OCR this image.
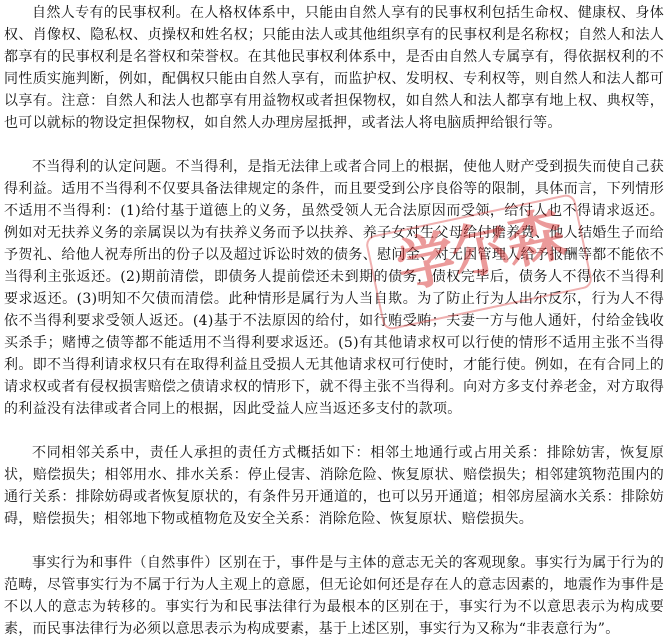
自然人专有的民事权利。在人格权体系中，只能由自然人享有的民事权利包括生命权、健康权、身体权、肖像权、隐私权、贞操权和姓名权；只能由法人或其他组织享有的民事权利是名称权；自然人和法人都享有的民事权利是名誉权和荣誉权。在其他民事权利体系中，是否由自然人专属享有，得依据权利的不同性质实施判断，例如，配偶权只能由自然人享有，而监护权、发明权、专利权等，则自然人和法人都可以享有。注意：自然人和法人也都享有用益物权或者担保物权，如自然人和法人都享有地上权、典权等，也可以就标的物设定担保物权，如自然人办理房屋抵押，或者法人将电脑质押给银行等。

不当得利的认定问题。不当得利，是指无法律上或者合同上的根据，使他人财产受到损失而使自己获得利益。适用不当得利不仅要具备法律规定的条件，而且要受到公序良俗等的限制，具体而言，下列情形不适用不当得利：(1)给付基于道德上的义务，虽然受领人无合法原因而受领，给付人也不得请求返还。例如对无扶养义务的亲属误以为有扶养义务而予以扶养、养子女对生父母给付赡养费、他人结婚生子而给予贺礼、给他人祝寿所出的份子以及超过诉讼时效的债务、慰问金、对无因管理人给予报酬等都不能依不当得利主张返还。(2)期前清偿，即债务人提前偿还未到期的债务，债权完毕后，债务人不得依不当得利要求返还。(3)明知不欠债而清偿。此种情形是属行为人当自欺。为了防止行为人出尔反尔，行为人不得依不当得利要求受领人返还。(4)基于不法原因的给付，如行贿受贿；夫妻一方与他人通奸，付给金钱收买杀手；赌博之债等都不能适用不当得利要求返还。(5)有其他请求权可以行使的情形不适用主张不当得利。即不当得利请求权只有在取得利益且受损人无其他请求权可行使时，才能行使。例如，在有合同上的请求权或者有侵权损害赔偿之债请求权的情形下，就不得主张不当得利。向对方多支付养老金，对方取得的利益没有法律或者合同上的根据，因此受益人应当返还多支付的款项。

不同相邻关系中，责任人承担的责任方式概括如下：相邻土地通行或占用关系：排除妨害，恢复原状，赔偿损失；相邻用水、排水关系：停止侵害、消除危险、恢复原状、赔偿损失；相邻建筑物范围内的通行关系：排除妨碍或者恢复原状的，有条件另开通道的，也可以另开通道；相邻房屋滴水关系：排除妨碍，赔偿损失；相邻地下物或植物危及安全关系：消除危险、恢复原状、赔偿损失。

事实行为和事件（自然事件）区别在于，事件是与主体的意志无关的客观现象。事实行为属于行为的范畴，尽管事实行为不属于行为人主观上的意愿，但无论如何还是存在人的意志因素的，地震作为事件是不以人的意志为转移的。事实行为和民事法律行为最根本的区别在于，事实行为不以意思表示为构成要素，而民事法律行为必须以意思表示为构成要素，基于上述区别，事实行为又称为“非表意行为”。

学尔森
